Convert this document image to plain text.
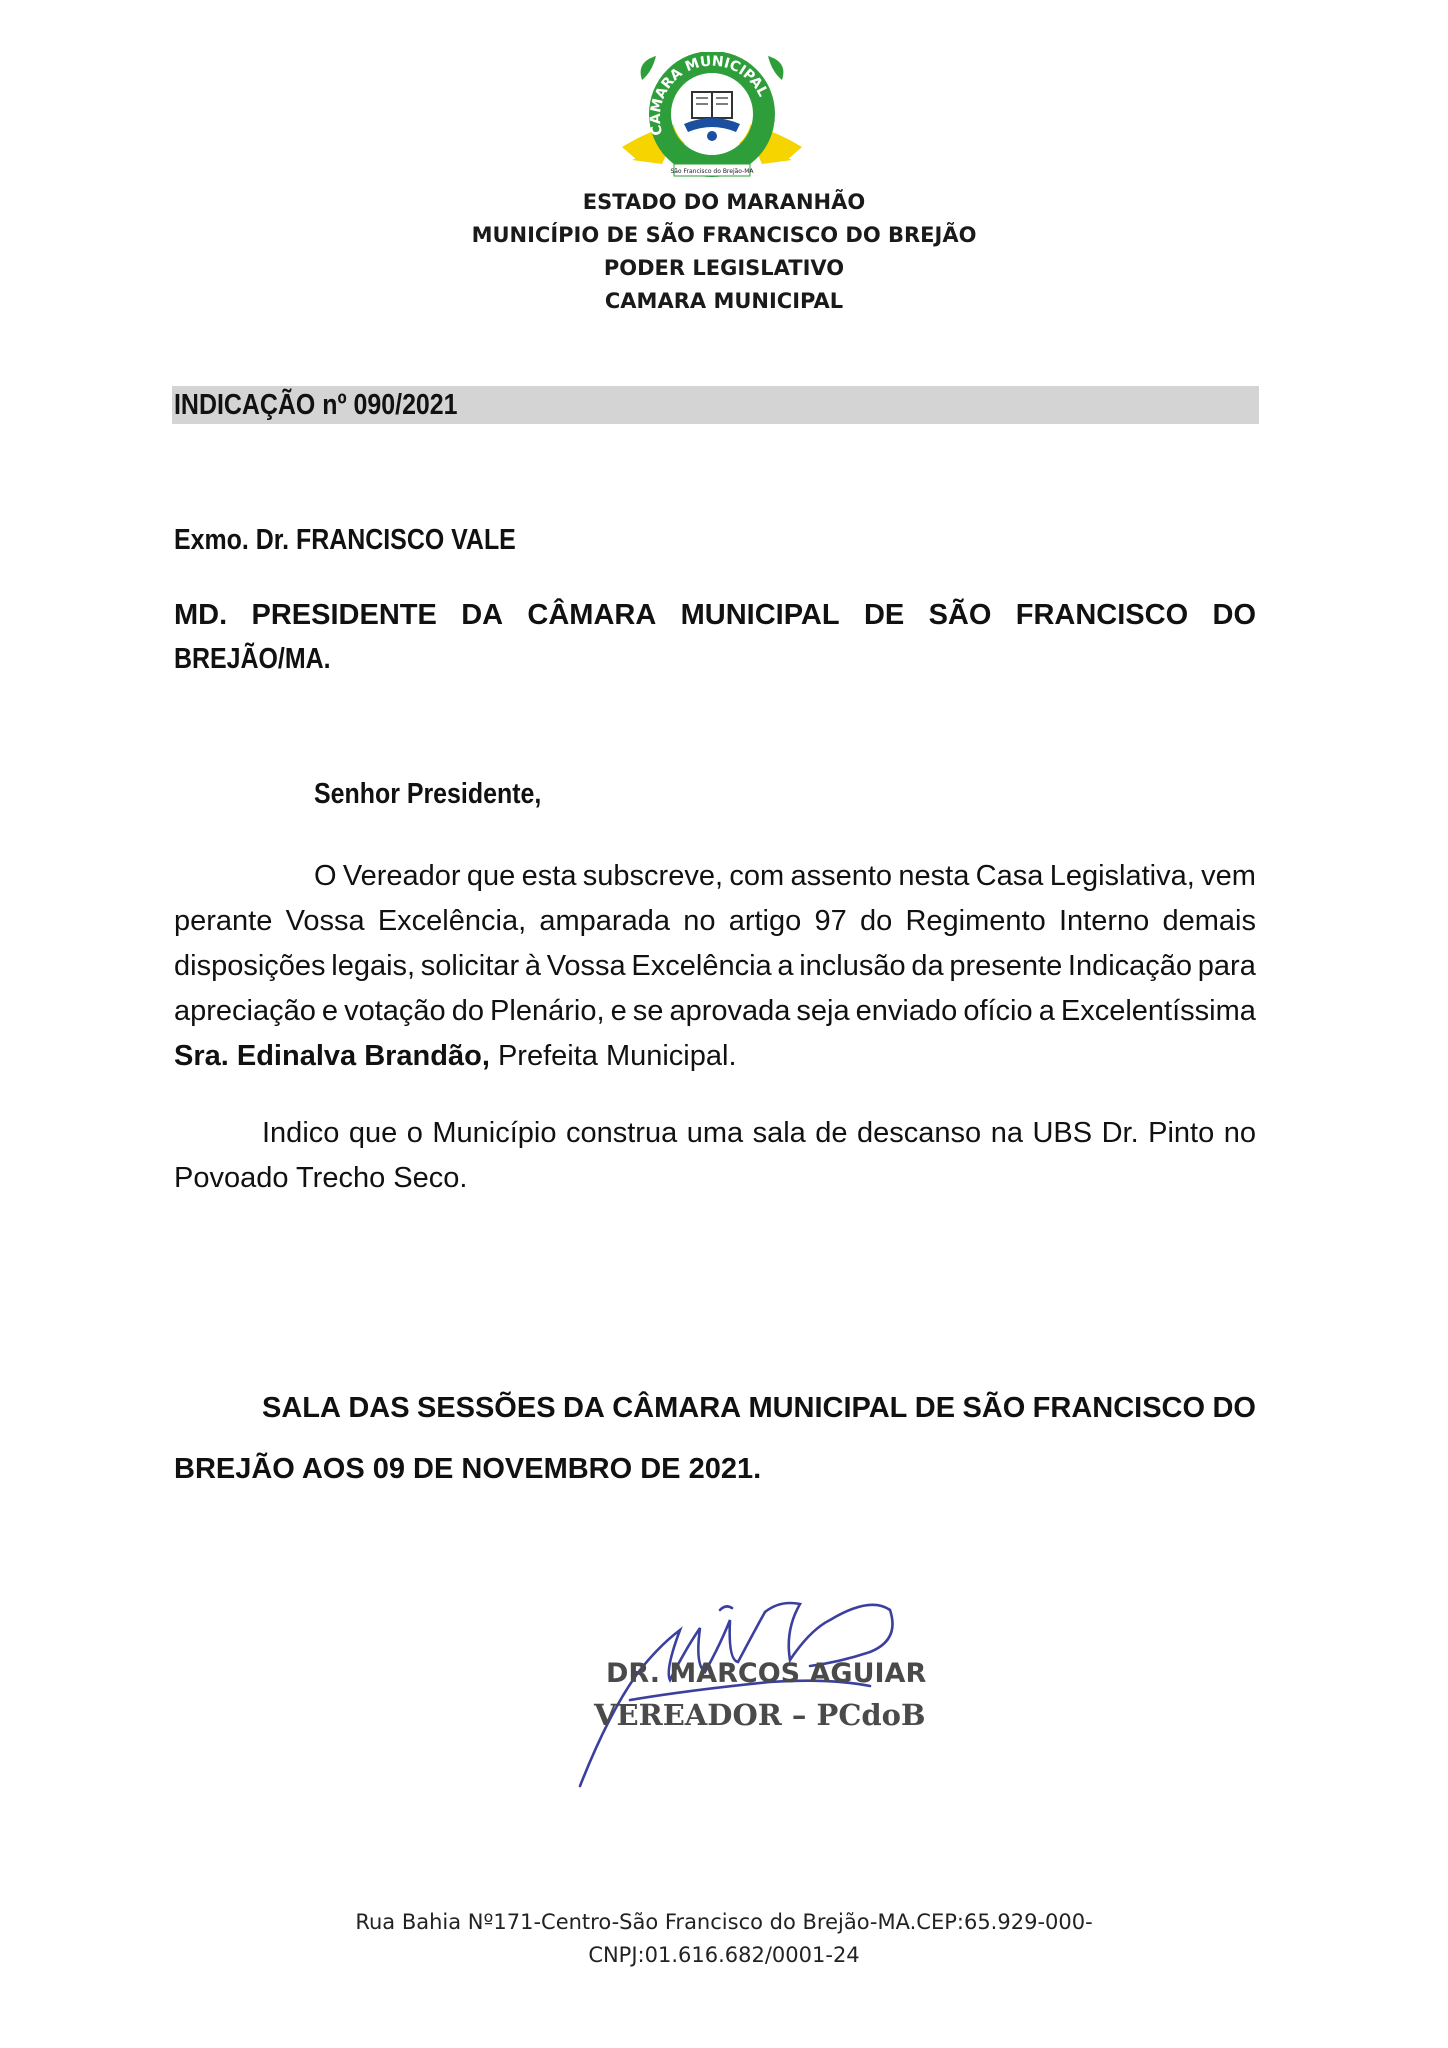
CÂMARA MUNICIPAL
São Francisco do Brejão-MA
ESTADO DO MARANHÃO
MUNICÍPIO DE SÃO FRANCISCO DO BREJÃO
PODER LEGISLATIVO
CAMARA MUNICIPAL
INDICAÇÃO nº 090/2021
Exmo. Dr. FRANCISCO VALE
MD. PRESIDENTE DA CÂMARA MUNICIPAL DE SÃO FRANCISCO DO
BREJÃO/MA.
Senhor Presidente,
O Vereador que esta subscreve, com assento nesta Casa Legislativa, vem
perante Vossa Excelência, amparada no artigo 97 do Regimento Interno demais
disposições legais, solicitar à Vossa Excelência a inclusão da presente Indicação para
apreciação e votação do Plenário, e se aprovada seja enviado ofício a Excelentíssima
Sra. Edinalva Brandão, Prefeita Municipal.
Indico que o Município construa uma sala de descanso na UBS Dr. Pinto no
Povoado Trecho Seco.
SALA DAS SESSÕES DA CÂMARA MUNICIPAL DE SÃO FRANCISCO DO
BREJÃO AOS 09 DE NOVEMBRO DE 2021.
DR. MARCOS AGUIAR
VEREADOR – PCdoB
Rua Bahia Nº171-Centro-São Francisco do Brejão-MA.CEP:65.929-000-
CNPJ:01.616.682/0001-24
